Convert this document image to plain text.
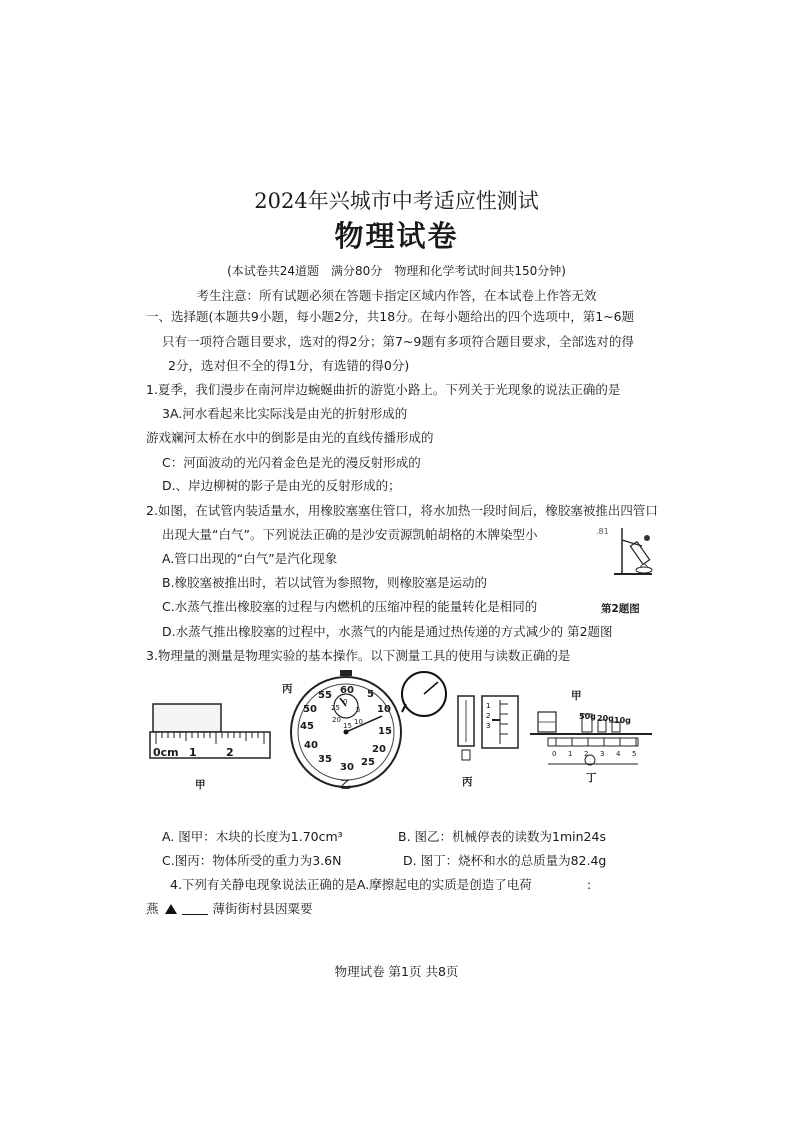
2024年兴城市中考适应性测试
物理试卷
(本试卷共24道题　满分80分　物理和化学考试时间共150分钟)
考生注意：所有试题必须在答题卡指定区域内作答，在本试卷上作答无效
一、选择题(本题共9小题，每小题2分，共18分。在每小题给出的四个选项中，第1~6题
只有一项符合题目要求，选对的得2分；第7~9题有多项符合题目要求，全部选对的得
2分，选对但不全的得1分，有选错的得0分)
1.夏季，我们漫步在南河岸边蜿蜒曲折的游览小路上。下列关于光现象的说法正确的是
3A.河水看起来比实际浅是由光的折射形成的
游戏斓河太桥在水中的倒影是由光的直线传播形成的
C：河面波动的光闪着金色是光的漫反射形成的
D.、岸边柳树的影子是由光的反射形成的；
2.如图，在试管内装适量水，用橡胶塞塞住管口，将水加热一段时间后，橡胶塞被推出四管口
出现大量“白气”。下列说法正确的是沙安贡源凯帕胡格的木牌染型小
A.管口出现的“白气”是汽化现象
B.橡胶塞被推出时，若以试管为参照物，则橡胶塞是运动的
C.水蒸气推出橡胶塞的过程与内燃机的压缩冲程的能量转化是相同的
D.水蒸气推出橡胶塞的过程中，水蒸气的内能是通过热传递的方式减少的 第2题图
.81
第2题图
3.物理量的测量是物理实验的基本操作。以下测量工具的使用与读数正确的是
0cm 1	2
甲
60 5
10
15
20
25
30
35
40
45
50
55
0
5
10
15
20
25
乙
丙
1
2
3
丙
甲
50g 20g 10g
0 1 2 3 4 5
丁
A. 图甲：木块的长度为1.70cm³	B. 图乙：机械停表的读数为1min24s
C.图丙：物体所受的重力为3.6N	D. 图丁：烧杯和水的总质量为82.4g
4.下列有关静电现象说法正确的是A.摩擦起电的实质是创造了电荷	:
燕	薄街街村县因粟要
物理试卷 第1页 共8页
